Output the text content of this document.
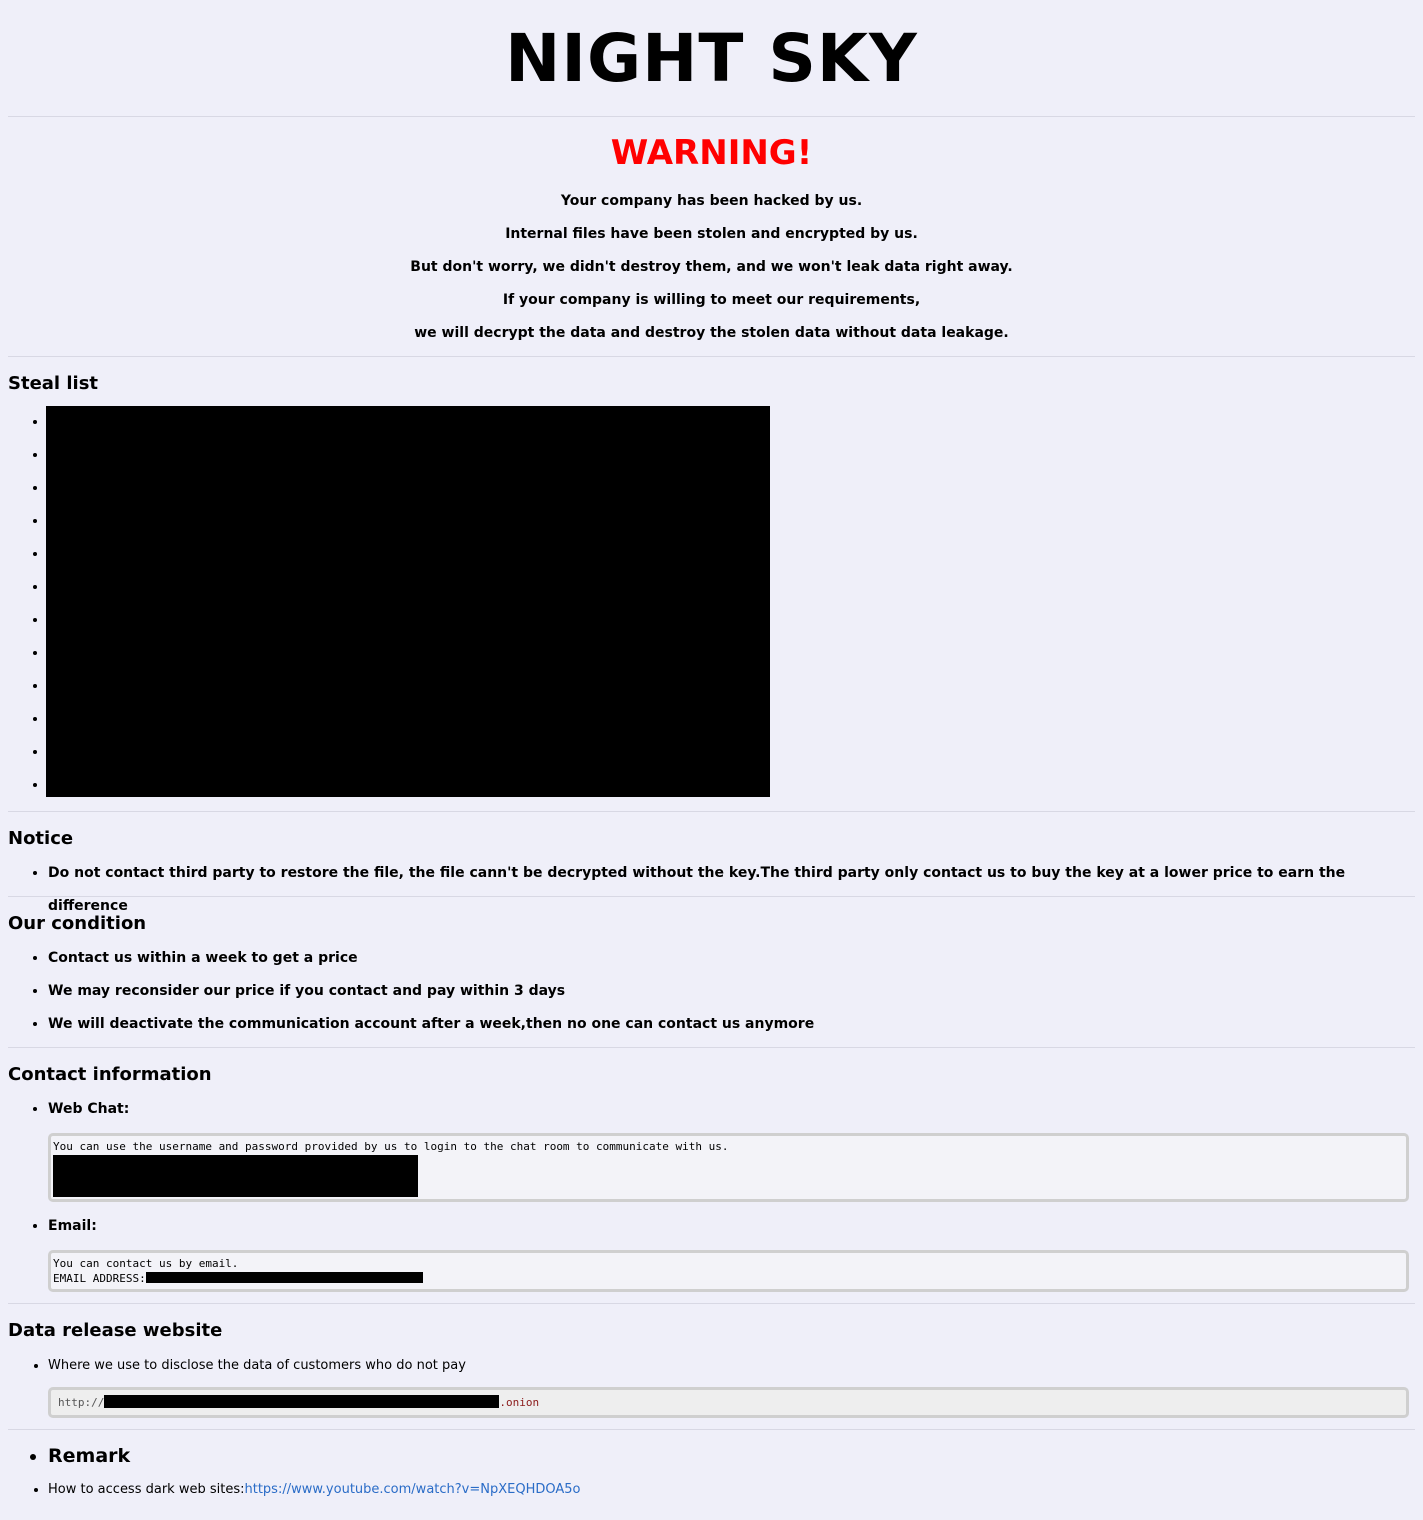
NIGHT SKY
WARNING!

Your company has been hacked by us.

Internal files have been stolen and encrypted by us.

But don't worry, we didn't destroy them, and we won't leak data right away.

If your company is willing to meet our requirements,

we will decrypt the data and destroy the stolen data without data leakage.

Steal list
•
•
•
•
•
•
•
•
•
•
•
•
Notice
• Do not contact third party to restore the file, the file cann't be decrypted without the key.The third party only contact us to buy the key at a lower price to earn the difference
Our condition
• Contact us within a week to get a price
• We may reconsider our price if you contact and pay within 3 days
• We will deactivate the communication account after a week,then no one can contact us anymore
Contact information
• Web Chat:
You can use the username and password provided by us to login to the chat room to communicate with us.
• Email:
You can contact us by email.
EMAIL ADDRESS:
Data release website
• Where we use to disclose the data of customers who do not pay
http://	.onion
• Remark
• How to access dark web sites:https://www.youtube.com/watch?v=NpXEQHDOA5o
